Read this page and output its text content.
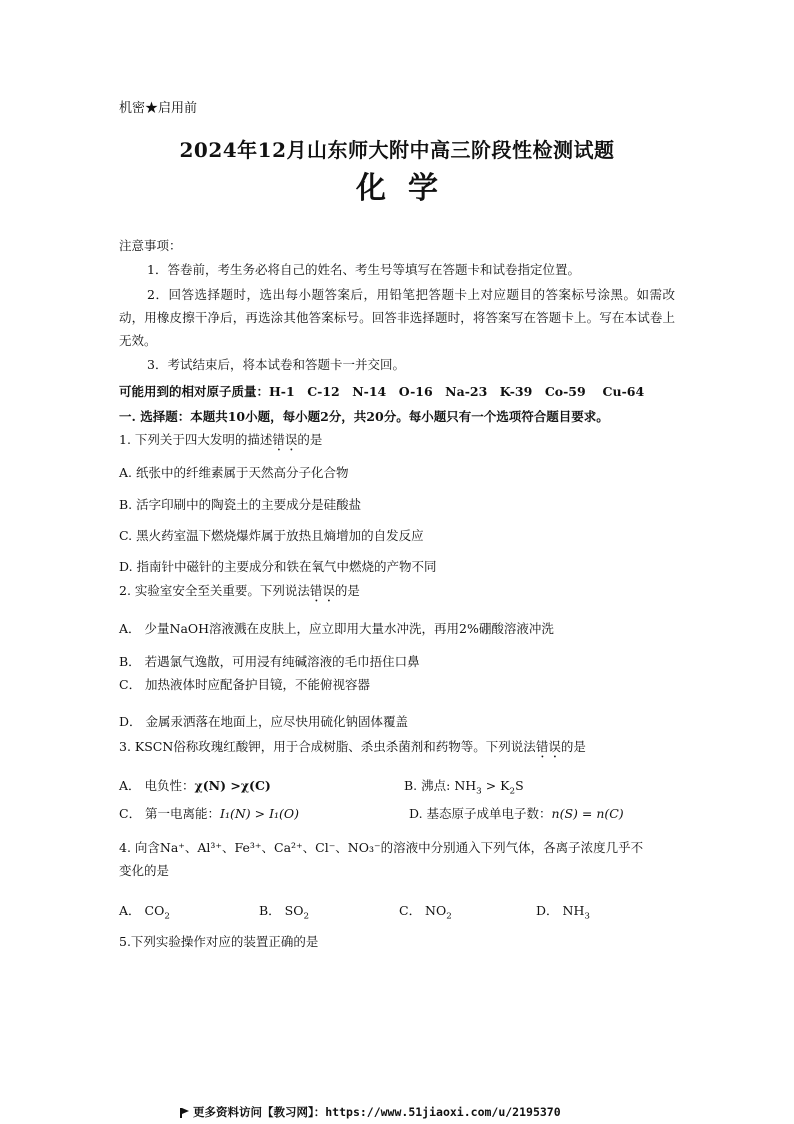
机密★启用前
2024年12月山东师大附中高三阶段性检测试题
化学
注意事项：
1．答卷前，考生务必将自己的姓名、考生号等填写在答题卡和试卷指定位置。
2．回答选择题时，选出每小题答案后，用铅笔把答题卡上对应题目的答案标号涂黑。如需改动，用橡皮擦干净后，再选涂其他答案标号。回答非选择题时，将答案写在答题卡上。写在本试卷上无效。
3．考试结束后，将本试卷和答题卡一并交回。
可能用到的相对原子质量：H-1　C-12　N-14　O-16　Na-23　K-39　Co-59　 Cu-64
一. 选择题：本题共10小题，每小题2分，共20分。每小题只有一个选项符合题目要求。
1. 下列关于四大发明的描述错误的是
A. 纸张中的纤维素属于天然高分子化合物
B. 活字印刷中的陶瓷土的主要成分是硅酸盐
C. 黑火药室温下燃烧爆炸属于放热且熵增加的自发反应
D. 指南针中磁针的主要成分和铁在氧气中燃烧的产物不同
2. 实验室安全至关重要。下列说法错误的是
A． 少量NaOH溶液溅在皮肤上，应立即用大量水冲洗，再用2%硼酸溶液冲洗
B． 若遇氯气逸散，可用浸有纯碱溶液的毛巾捂住口鼻
C． 加热液体时应配备护目镜，不能俯视容器
D． 金属汞洒落在地面上，应尽快用硫化钠固体覆盖
3. KSCN俗称玫瑰红酸钾，用于合成树脂、杀虫杀菌剂和药物等。下列说法错误的是
A． 电负性：χ(N) >χ(C)	B. 沸点: $NH_3 > K_2S$
C． 第一电离能：I₁(N) > I₁(O)	D. 基态原子成单电子数：n(S) = n(C)
4. 向含Na⁺、Al³⁺、Fe³⁺、Ca²⁺、Cl⁻、NO₃⁻的溶液中分别通入下列气体，各离子浓度几乎不
变化的是
A． $CO_2$	B． $SO_2$	C． $NO_2$	D． $NH_3$
5.下列实验操作对应的装置正确的是
更多资料访问【教习网】：https://www.51jiaoxi.com/u/2195370
